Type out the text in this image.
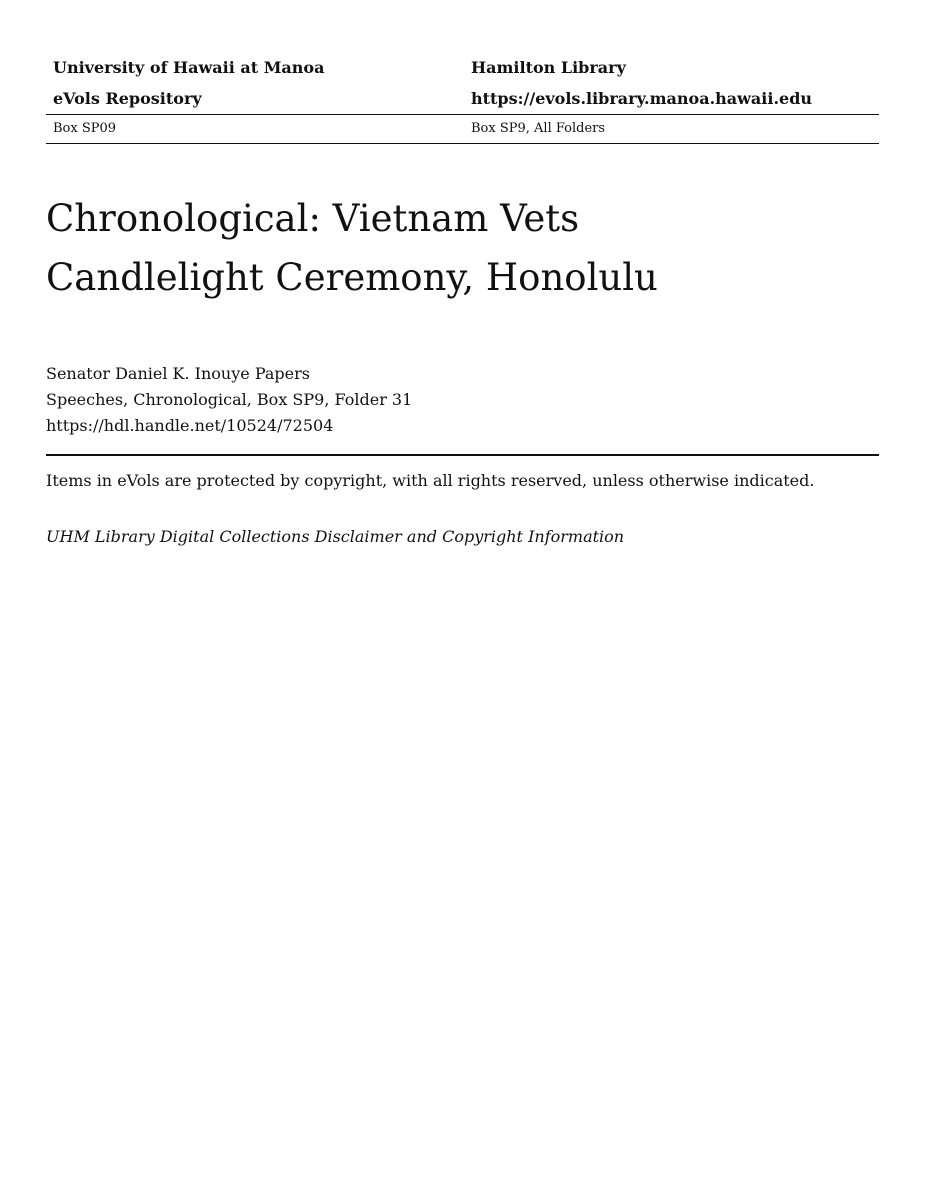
University of Hawaii at Manoa	Hamilton Library
eVols Repository	https://evols.library.manoa.hawaii.edu
Box SP09	Box SP9, All Folders
Chronological: Vietnam Vets
Candlelight Ceremony, Honolulu
Senator Daniel K. Inouye Papers
Speeches, Chronological, Box SP9, Folder 31
https://hdl.handle.net/10524/72504
Items in eVols are protected by copyright, with all rights reserved, unless otherwise indicated.
UHM Library Digital Collections Disclaimer and Copyright Information
